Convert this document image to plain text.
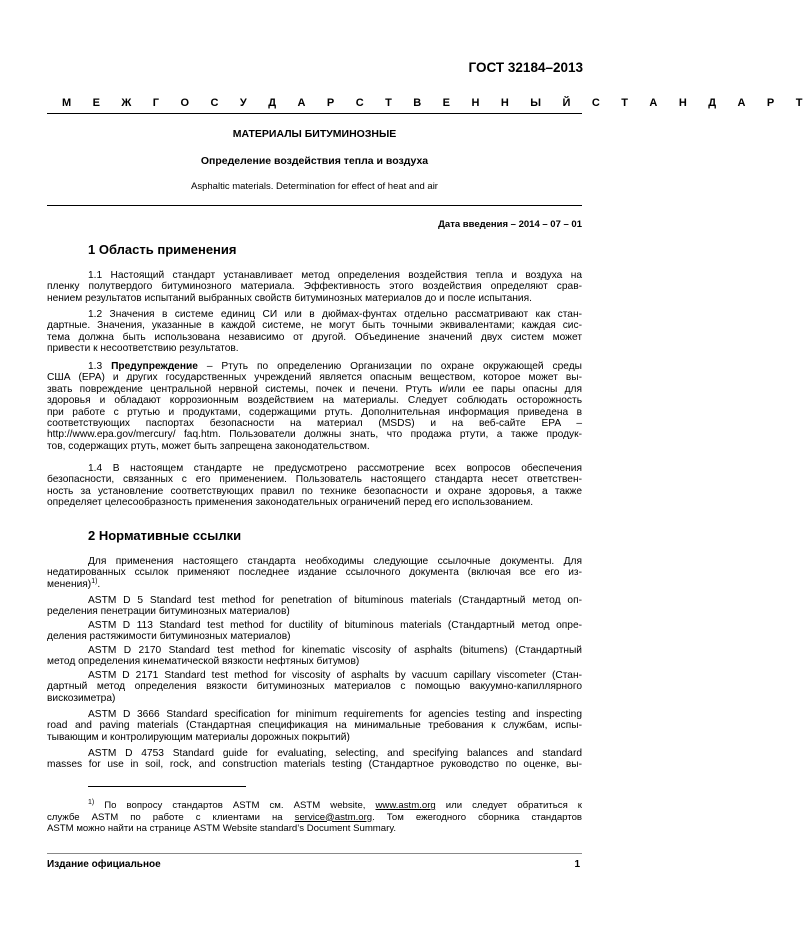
ГОСТ 32184–2013
М Е Ж Г О С У Д А Р С Т В Е Н Н Ы Й С Т А Н Д А Р Т
МАТЕРИАЛЫ БИТУМИНОЗНЫЕ
Определение воздействия тепла и воздуха
Asphaltic materials. Determination for effect of heat and air
Дата введения – 2014 – 07 – 01
1 Область применения
1.1 Настоящий стандарт устанавливает метод определения воздействия тепла и воздуха на
пленку полутвердого битуминозного материала. Эффективность этого воздействия определяют срав-
нением результатов испытаний выбранных свойств битуминозных материалов до и после испытания.
1.2 Значения в системе единиц СИ или в дюймах-фунтах отдельно рассматривают как стан-
дартные. Значения, указанные в каждой системе, не могут быть точными эквивалентами; каждая сис-
тема должна быть использована независимо от другой. Объединение значений двух систем может
привести к несоответствию результатов.
1.3 Предупреждение – Ртуть по определению Организации по охране окружающей среды
США (EPA) и других государственных учреждений является опасным веществом, которое может вы-
звать повреждение центральной нервной системы, почек и печени. Ртуть и/или ее пары опасны для
здоровья и обладают коррозионным воздействием на материалы. Следует соблюдать осторожность
при работе с ртутью и продуктами, содержащими ртуть. Дополнительная информация приведена в
соответствующих паспортах безопасности на материал (MSDS) и на веб-сайте EPA –
http://www.epa.gov/mercury/ faq.htm. Пользователи должны знать, что продажа ртути, а также продук-
тов, содержащих ртуть, может быть запрещена законодательством.
1.4 В настоящем стандарте не предусмотрено рассмотрение всех вопросов обеспечения
безопасности, связанных с его применением. Пользователь настоящего стандарта несет ответствен-
ность за установление соответствующих правил по технике безопасности и охране здоровья, а также
определяет целесообразность применения законодательных ограничений перед его использованием.
2 Нормативные ссылки
Для применения настоящего стандарта необходимы следующие ссылочные документы. Для
недатированных ссылок применяют последнее издание ссылочного документа (включая все его из-
менения)$^{1)}$.
ASTM D 5 Standard test method for penetration of bituminous materials (Стандартный метод оп-
ределения пенетрации битуминозных материалов)
ASTM D 113 Standard test method for ductility of bituminous materials (Стандартный метод опре-
деления растяжимости битуминозных материалов)
ASTM D 2170 Standard test method for kinematic viscosity of asphalts (bitumens) (Стандартный
метод определения кинематической вязкости нефтяных битумов)
ASTM D 2171 Standard test method for viscosity of asphalts by vacuum capillary viscometer (Стан-
дартный метод определения вязкости битуминозных материалов с помощью вакуумно-капиллярного
вискозиметра)
ASTM D 3666 Standard specification for minimum requirements for agencies testing and inspecting
road and paving materials (Стандартная спецификация на минимальные требования к службам, испы-
тывающим и контролирующим материалы дорожных покрытий)
ASTM D 4753 Standard guide for evaluating, selecting, and specifying balances and standard
masses for use in soil, rock, and construction materials testing (Стандартное руководство по оценке, вы-
$^{1)}$ По вопросу стандартов ASTM см. ASTM website, www.astm.org или следует обратиться к
службе ASTM по работе с клиентами на service@astm.org. Том ежегодного сборника стандартов
ASTM можно найти на странице ASTM Website standard’s Document Summary.
Издание официальное	1
